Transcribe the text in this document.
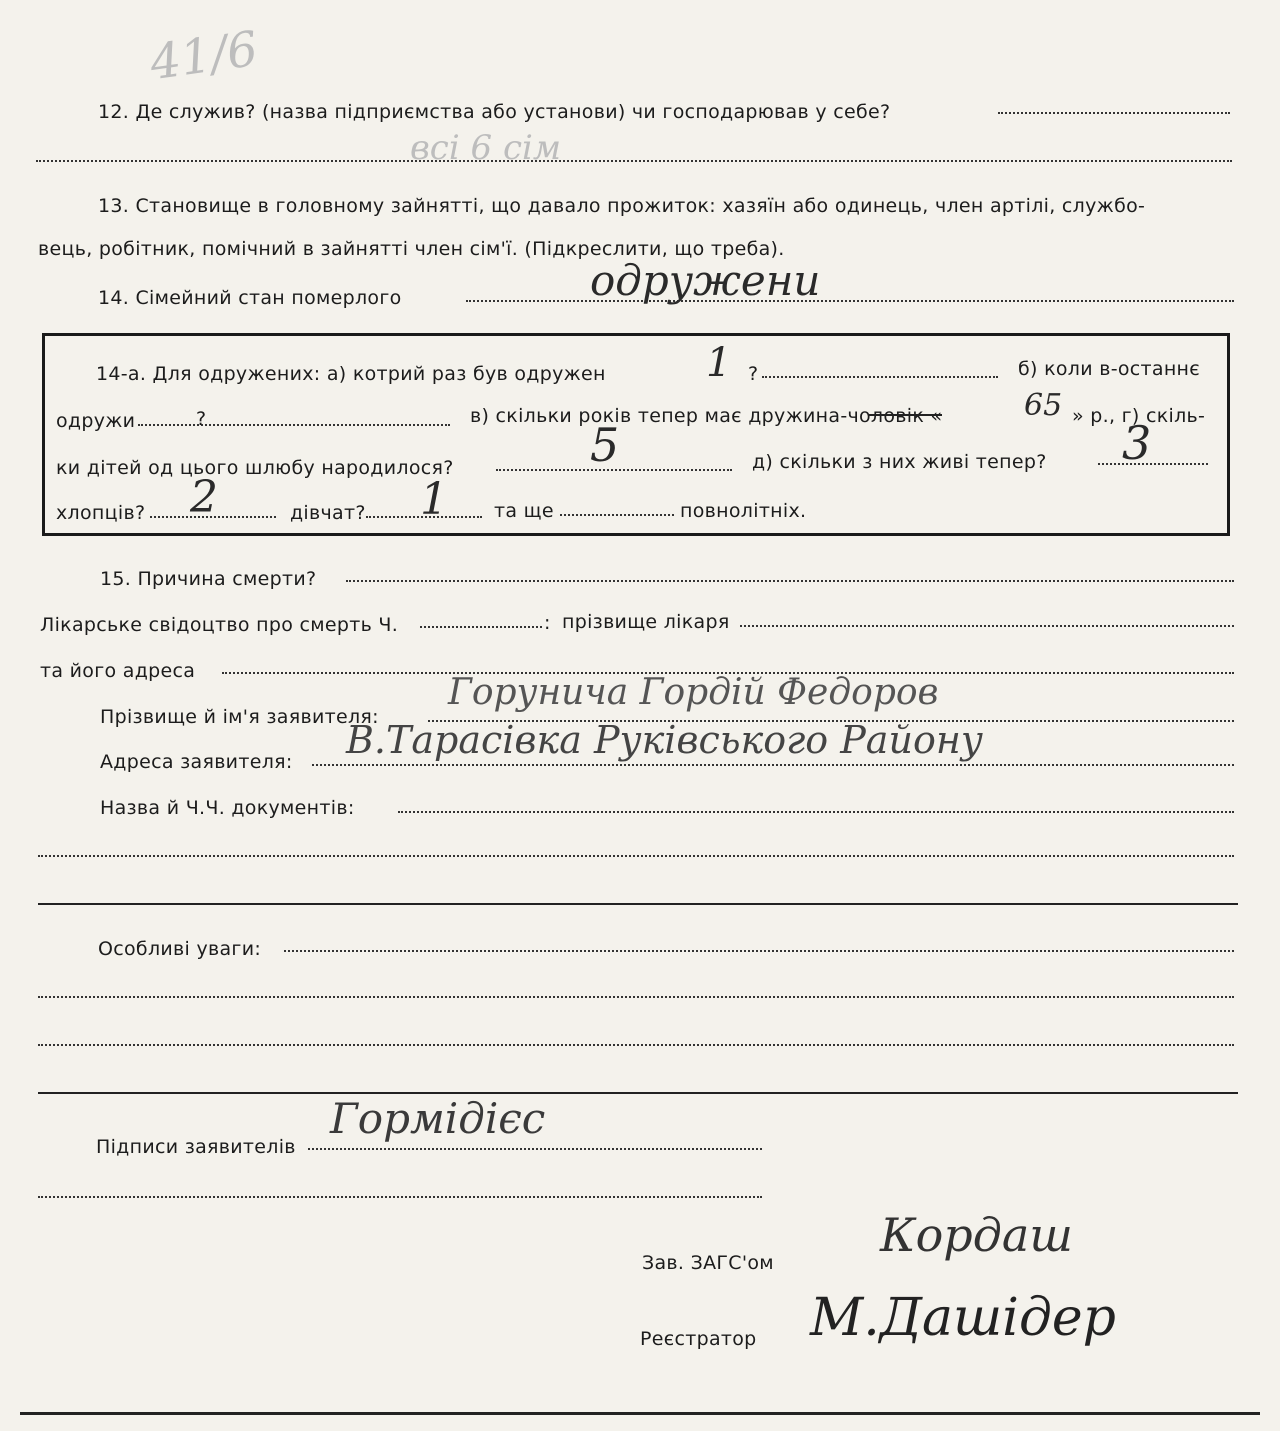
41/6
12. Де служив? (назва підприємства або установи) чи господарював у себе?
всі 6 сім
13. Становище в головному зайнятті, що давало прожиток: хазяїн або одинець, член артілі, службо-
вець, робітник, помічний в зайнятті член сім'ї. (Підкреслити, що треба).
14. Сімейний стан померлого	одружени
14-а. Для одружених: а) котрий раз був одружен	1 ?	б) коли в-останнє
одружи	?	в) скільки років тепер має дружина-чоловік «	65 » р., г) скіль-
ки дітей од цього шлюбу народилося?	5	д) скільки з них живі тепер? 3
хлопців? 2	дівчат? 1 та ще	повнолітніх.
15. Причина смерти?
Лікарське свідоцтво про смерть Ч.	: прізвище лікаря
та його адреса
Прізвище й ім'я заявителя:
Горунича Гордій Федоров
Адреса заявителя: В.Тарасівка Руківського Району
Назва й Ч.Ч. документів:
Особливі уваги:
Підписи заявителів
Гормідієс
Зав. ЗАГС'ом
Кордаш
Реєстратор М.Дашідер
